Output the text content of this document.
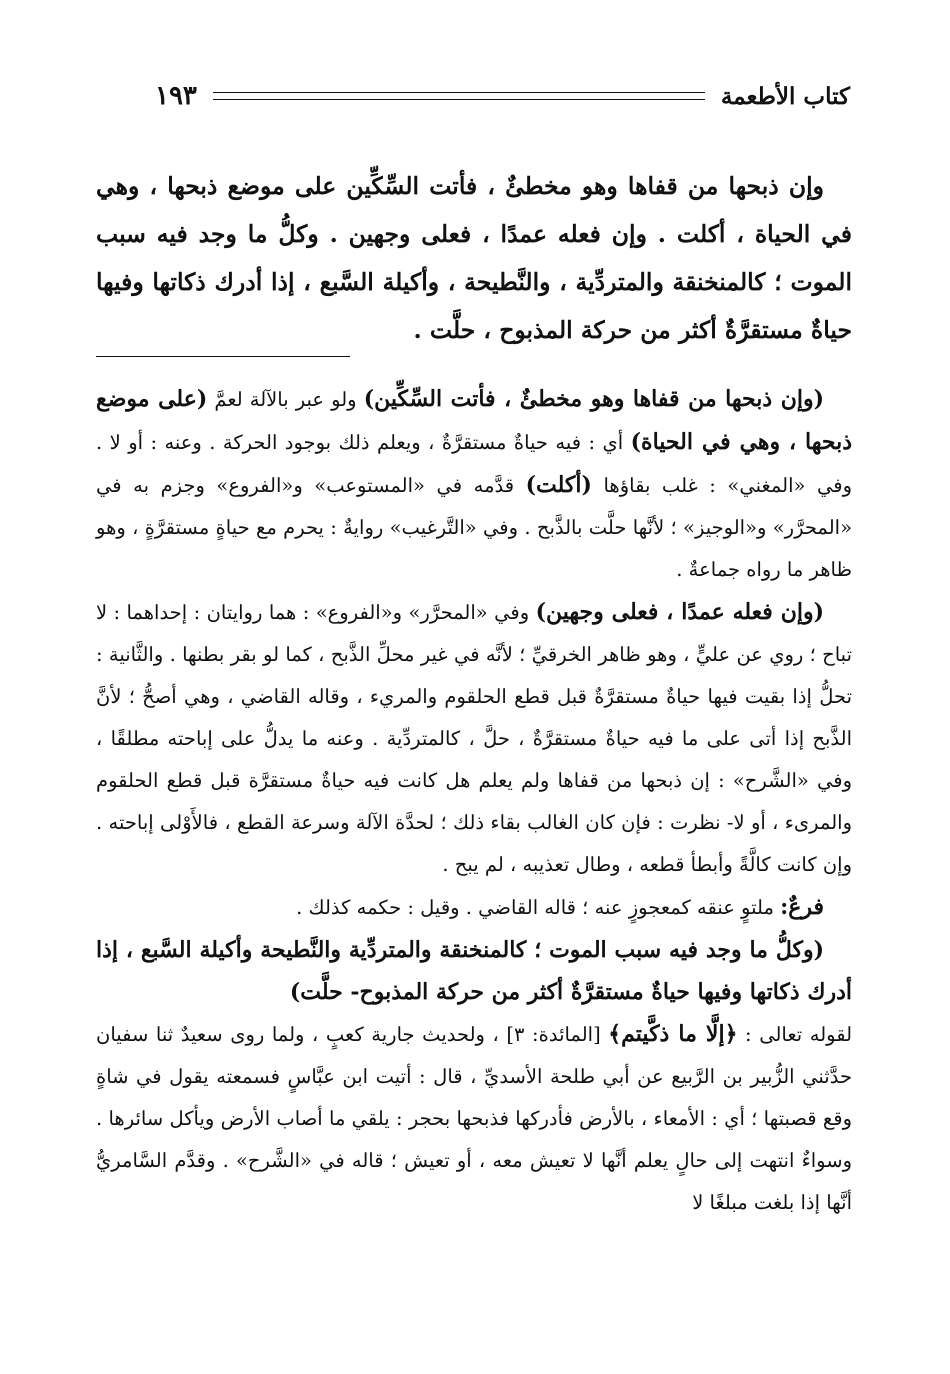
كتاب الأطعمة
١٩٣

وإن ذبحها من قفاها وهو مخطئٌ ، فأتت السِّكِّين على موضع ذبحها ، وهي في الحياة ، أكلت . وإن فعله عمدًا ، فعلى وجهين . وكلُّ ما وجد فيه سبب الموت ؛ كالمنخنقة والمتردِّية ، والنَّطيحة ، وأكيلة السَّبع ، إذا أدرك ذكاتها وفيها حياةٌ مستقرَّةٌ أكثر من حركة المذبوح ، حلَّت .

(وإن ذبحها من قفاها وهو مخطئٌ ، فأتت السِّكِّين) ولو عبر بالآلة لعمَّ (على موضع ذبحها ، وهي في الحياة) أي : فيه حياةٌ مستقرَّةٌ ، ويعلم ذلك بوجود الحركة . وعنه : أو لا . وفي «المغني» : غلب بقاؤها (أكلت) قدَّمه في «المستوعب» و«الفروع» وجزم به في «المحرَّر» و«الوجيز» ؛ لأنَّها حلَّت بالذَّبح . وفي «التَّرغيب» روايةٌ : يحرم مع حياةٍ مستقرَّةٍ ، وهو ظاهر ما رواه جماعةٌ .

(وإن فعله عمدًا ، فعلى وجهين) وفي «المحرَّر» و«الفروع» : هما روايتان : إحداهما : لا تباح ؛ روي عن عليٍّ ، وهو ظاهر الخرقيِّ ؛ لأنَّه في غير محلِّ الذَّبح ، كما لو بقر بطنها . والثَّانية : تحلُّ إذا بقيت فيها حياةٌ مستقرَّةٌ قبل قطع الحلقوم والمريء ، وقاله القاضي ، وهي أصحُّ ؛ لأنَّ الذَّبح إذا أتى على ما فيه حياةٌ مستقرَّةٌ ، حلَّ ، كالمتردِّية . وعنه ما يدلُّ على إباحته مطلقًا ، وفي «الشَّرح» : إن ذبحها من قفاها ولم يعلم هل كانت فيه حياةٌ مستقرَّة قبل قطع الحلقوم والمرىء ، أو لا- نظرت : فإن كان الغالب بقاء ذلك ؛ لحدَّة الآلة وسرعة القطع ، فالأَوْلى إباحته . وإن كانت كالَّةً وأبطأ قطعه ، وطال تعذيبه ، لم يبح .

فرعٌ: ملتوٍ عنقه كمعجوزٍ عنه ؛ قاله القاضي . وقيل : حكمه كذلك .

(وكلُّ ما وجد فيه سبب الموت ؛ كالمنخنقة والمتردِّية والنَّطيحة وأكيلة السَّبع ، إذا أدرك ذكاتها وفيها حياةٌ مستقرَّةٌ أكثر من حركة المذبوح- حلَّت)

لقوله تعالى : ﴿إلَّا ما ذكَّيتم﴾ [المائدة: ٣] ، ولحديث جارية كعبٍ ، ولما روى سعيدٌ ثنا سفيان حدَّثني الزُّبير بن الرَّبيع عن أبي طلحة الأسديِّ ، قال : أتيت ابن عبَّاسٍ فسمعته يقول في شاةٍ وقع قصبتها ؛ أي : الأمعاء ، بالأرض فأدركها فذبحها بحجر : يلقي ما أصاب الأرض ويأكل سائرها . وسواءٌ انتهت إلى حالٍ يعلم أنَّها لا تعيش معه ، أو تعيش ؛ قاله في «الشَّرح» . وقدَّم السَّامريُّ أنَّها إذا بلغت مبلغًا لا
